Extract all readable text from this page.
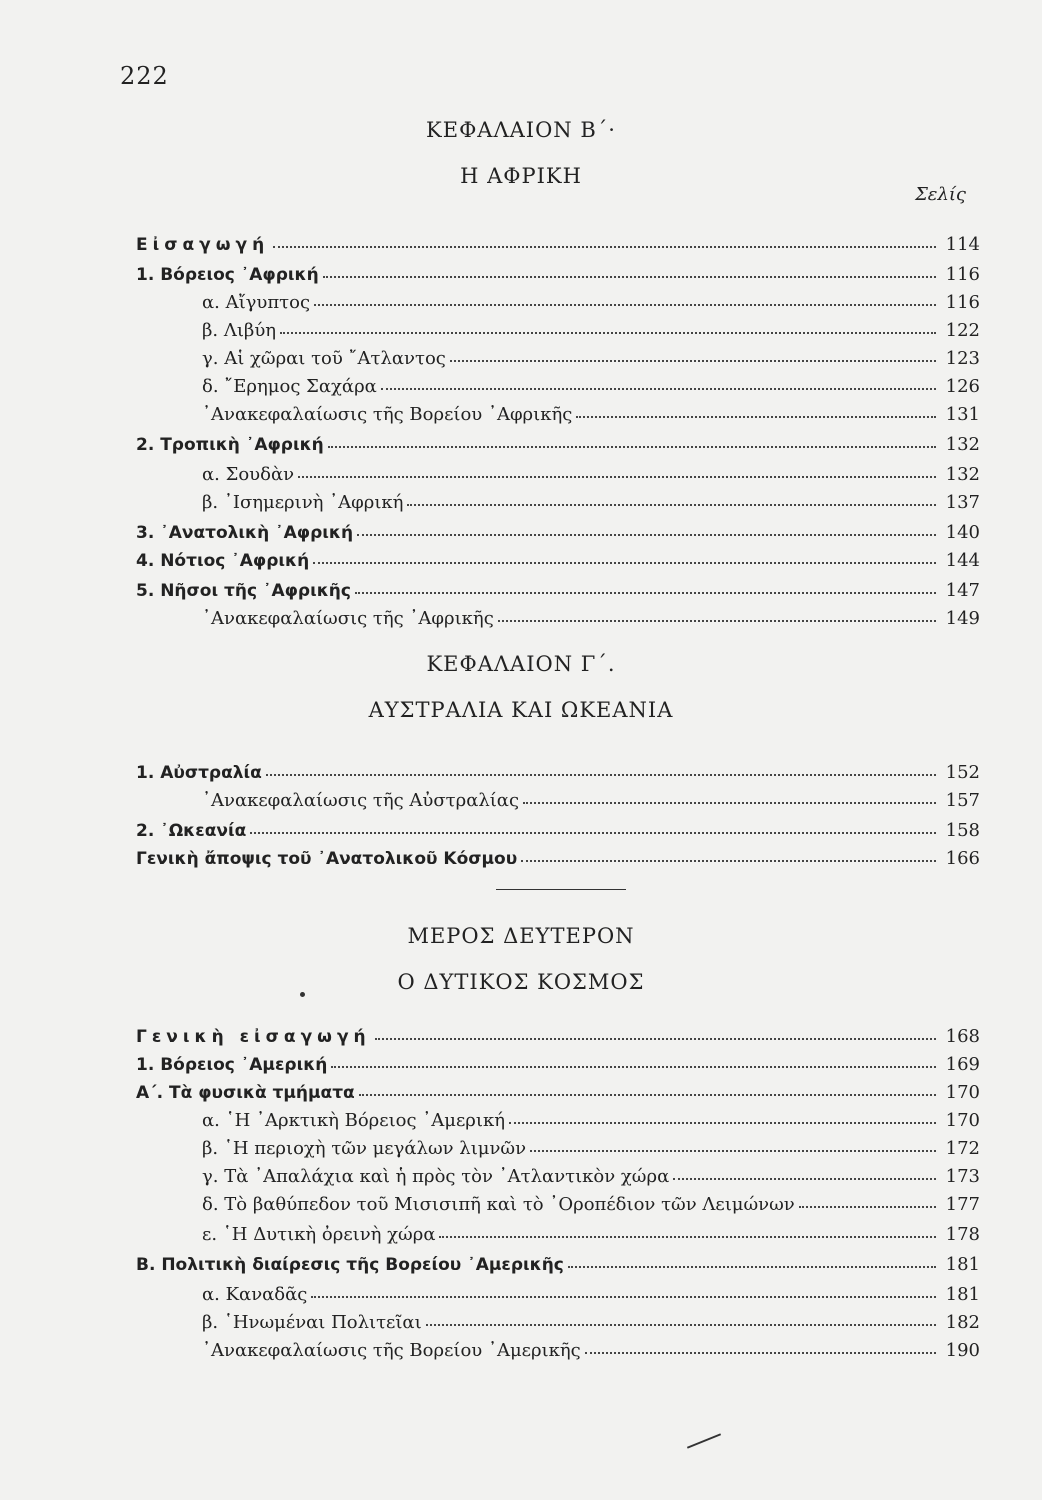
222
ΚΕΦΑΛΑΙΟΝ Β΄·
Η ΑΦΡΙΚΗ
Σελίς
Εἰσαγωγή	114
1. Βόρειος ᾿Αφρική	116
α. Αἴγυπτος	116
β. Λιβύη	122
γ. Αἱ χῶραι τοῦ ῎Ατλαντος	123
δ. ῎Ερημος Σαχάρα	126
᾿Ανακεφαλαίωσις τῆς Βορείου ᾿Αφρικῆς	131
2. Τροπικὴ ᾿Αφρική	132
α. Σουδὰν	132
β. ᾿Ισημερινὴ ᾿Αφρική	137
3. ᾿Ανατολικὴ ᾿Αφρική	140
4. Νότιος ᾿Αφρική	144
5. Νῆσοι τῆς ᾿Αφρικῆς	147
᾿Ανακεφαλαίωσις τῆς ᾿Αφρικῆς	149
ΚΕΦΑΛΑΙΟΝ Γ΄.
ΑΥΣΤΡΑΛΙΑ ΚΑΙ ΩΚΕΑΝΙΑ
1. Αὐστραλία	152
᾿Ανακεφαλαίωσις τῆς Αὐστραλίας	157
2. ᾿Ωκεανία	158
Γενικὴ ἄποψις τοῦ ᾿Ανατολικοῦ Κόσμου	166
ΜΕΡΟΣ ΔΕΥΤΕΡΟΝ
Ο ΔΥΤΙΚΟΣ ΚΟΣΜΟΣ
Γενικὴ εἰσαγωγή	168
1. Βόρειος ᾿Αμερική	169
Α΄. Τὰ φυσικὰ τμήματα	170
α. ῾Η ᾿Αρκτικὴ Βόρειος ᾿Αμερική	170
β. ῾Η περιοχὴ τῶν μεγάλων λιμνῶν	172
γ. Τὰ ᾿Απαλάχια καὶ ἡ πρὸς τὸν ᾿Ατλαντικὸν χώρα	173
δ. Τὸ βαθύπεδον τοῦ Μισισιπῆ καὶ τὸ ᾿Οροπέδιον τῶν Λειμώνων	177
ε. ῾Η Δυτικὴ ὀρεινὴ χώρα	178
Β. Πολιτικὴ διαίρεσις τῆς Βορείου ᾿Αμερικῆς	181
α. Καναδᾶς	181
β. ῾Ηνωμέναι Πολιτεῖαι	182
᾿Ανακεφαλαίωσις τῆς Βορείου ᾿Αμερικῆς	190
